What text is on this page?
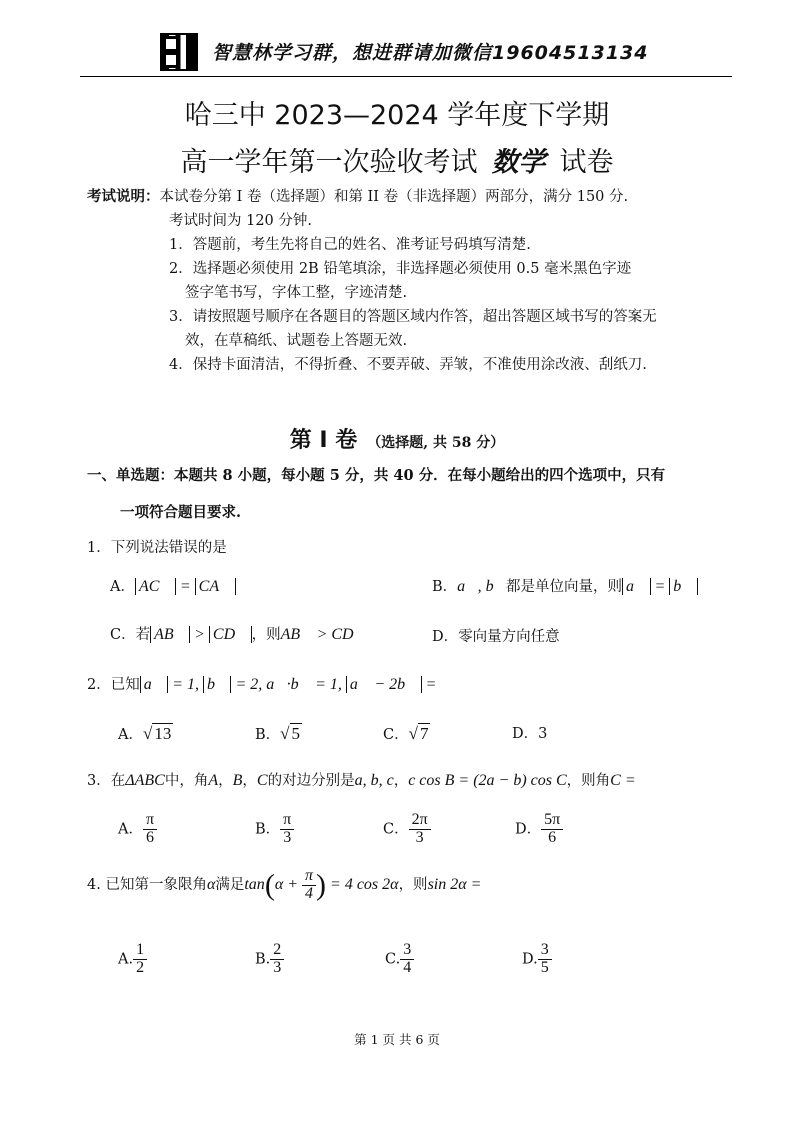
智慧林学习群，想进群请加微信1960451313​4
哈三中 2023—2024 学年度下学期
高一学年第一次验收考试 数学 试卷
考试说明：本试卷分第 I 卷（选择题）和第 II 卷（非选择题）两部分，满分 150 分.
考试时间为 120 分钟.
1．答题前，考生先将自己的姓名、准考证号码填写清楚.
2．选择题必须使用 2B 铅笔填涂，非选择题必须使用 0.5 毫米黑色字迹
签字笔书写，字体工整，字迹清楚.
3．请按照题号顺序在各题目的答题区域内作答，超出答题区域书写的答案无
效，在草稿纸、试题卷上答题无效.
4．保持卡面清洁，不得折叠、不要弄破、弄皱，不准使用涂改液、刮纸刀.
第 I 卷 （选择题, 共 58 分）
一、单选题：本题共 8 小题，每小题 5 分，共 40 分．在每小题给出的四个选项中，只有
一项符合题目要求.
1．下列说法错误的是
A． AC⃗ = CA⃗	B．a⃗, b⃗都是单位向量，则 a⃗ = b⃗
C．若 AB⃗ > CD⃗ ，则AB⃗ > CD⃗	D．零向量方向任意
2．已知 a⃗ = 1, b⃗ = 2, a⃗·b⃗ = 1, a⃗ − 2b⃗ =
A．√ 13	B．√ 5	C．√ 7	D．3
3．在ΔABC中，角A，B，C的对边分别是a, b, c，c cos B = (2a − b) cos C，则角C =
A． $\frac{\pi}{6}$	B． $\frac{\pi}{3}$	C． $\frac{2\pi}{3}$	D． $\frac{5\pi}{6}$
4. 已知第一象限角α满足$\tan(\alpha + \frac{\pi}{4}$ ) = 4 cos 2α，则sin 2α =
A. $\frac{1}{2}$	B. $\frac{2}{3}$	C. $\frac{3}{4}$	D. $\frac{3}{5}$
第 1 页 共 6 页
